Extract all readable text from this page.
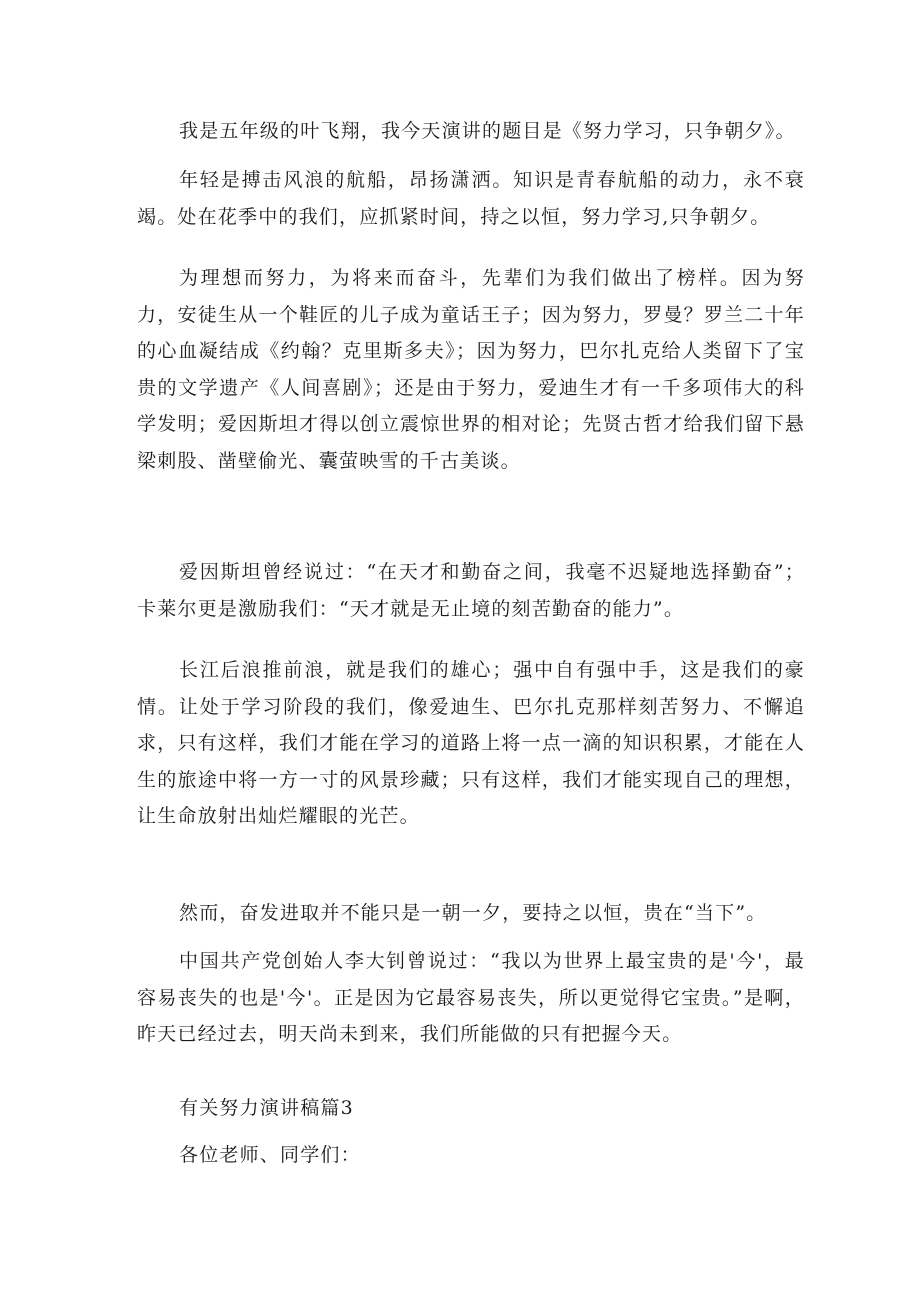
我是五年级的叶飞翔，我今天演讲的题目是《努力学习，只争朝夕》。

年轻是搏击风浪的航船，昂扬潇洒。知识是青春航船的动力，永不衰竭。处在花季中的我们，应抓紧时间，持之以恒，努力学习,只争朝夕。

为理想而努力，为将来而奋斗，先辈们为我们做出了榜样。因为努力，安徒生从一个鞋匠的儿子成为童话王子；因为努力，罗曼？罗兰二十年的心血凝结成《约翰？克里斯多夫》；因为努力，巴尔扎克给人类留下了宝贵的文学遗产《人间喜剧》；还是由于努力，爱迪生才有一千多项伟大的科学发明；爱因斯坦才得以创立震惊世界的相对论；先贤古哲才给我们留下悬梁刺股、凿壁偷光、囊萤映雪的千古美谈。

爱因斯坦曾经说过：“在天才和勤奋之间，我毫不迟疑地选择勤奋”；卡莱尔更是激励我们：“天才就是无止境的刻苦勤奋的能力”。

长江后浪推前浪，就是我们的雄心；强中自有强中手，这是我们的豪情。让处于学习阶段的我们，像爱迪生、巴尔扎克那样刻苦努力、不懈追求，只有这样，我们才能在学习的道路上将一点一滴的知识积累，才能在人生的旅途中将一方一寸的风景珍藏；只有这样，我们才能实现自己的理想，让生命放射出灿烂耀眼的光芒。

然而，奋发进取并不能只是一朝一夕，要持之以恒，贵在“当下”。

中国共产党创始人李大钊曾说过：“我以为世界上最宝贵的是'今'，最容易丧失的也是'今'。正是因为它最容易丧失，所以更觉得它宝贵。”是啊，昨天已经过去，明天尚未到来，我们所能做的只有把握今天。

有关努力演讲稿篇3

各位老师、同学们：
